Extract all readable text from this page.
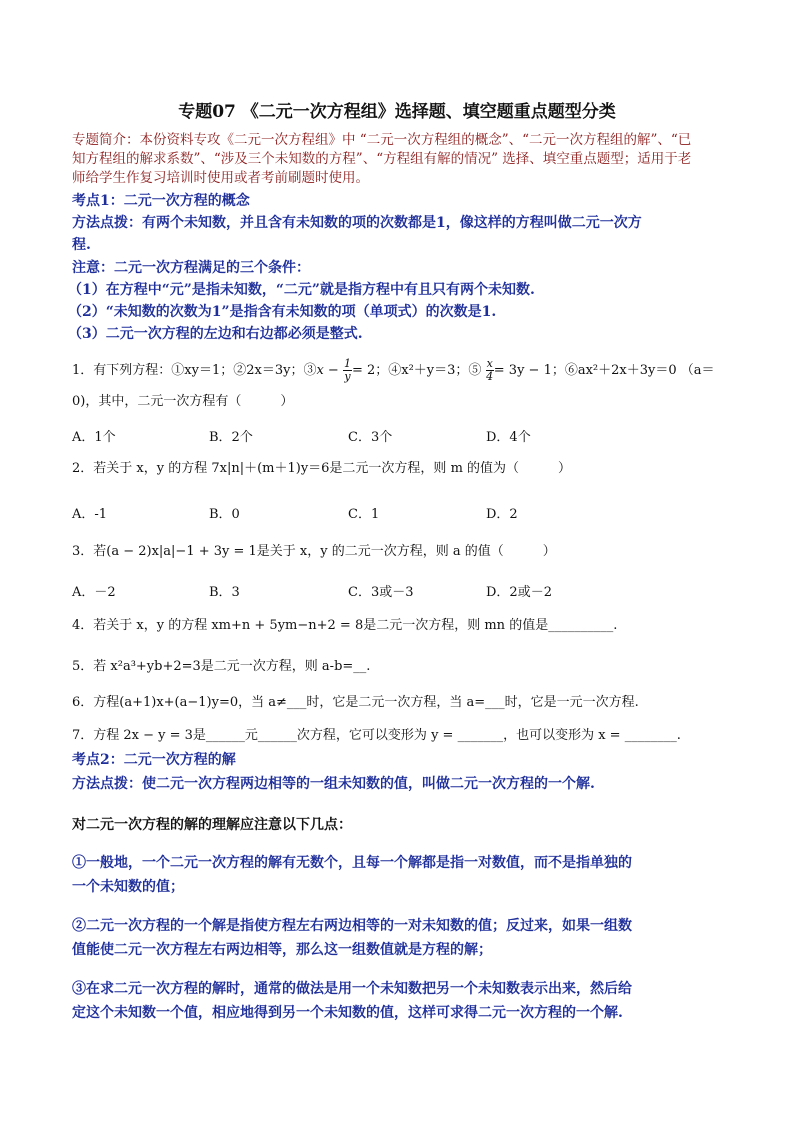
专题07 《二元一次方程组》选择题、填空题重点题型分类
专题简介：本份资料专攻《二元一次方程组》中 “二元一次方程组的概念”、“二元一次方程组的解”、“已
知方程组的解求系数”、“涉及三个未知数的方程”、“方程组有解的情况” 选择、填空重点题型；适用于老
师给学生作复习培训时使用或者考前刷题时使用。
考点1：二元一次方程的概念
方法点拨：有两个未知数，并且含有未知数的项的次数都是1，像这样的方程叫做二元一次方
程.
注意：二元一次方程满足的三个条件：
（1）在方程中“元”是指未知数，“二元”就是指方程中有且只有两个未知数.
（2）“未知数的次数为1”是指含有未知数的项（单项式）的次数是1.
（3）二元一次方程的左边和右边都必须是整式.
1．有下列方程：①xy＝1；②2x＝3y；③x − $\frac{1}{y} = 2$；④x²＋y＝3；⑤ $\frac{x}{4} = 3y - 1$；⑥ax²＋2x＋3y＝0 （a＝
0)，其中，二元一次方程有（　　　）
A．1个	B．2个	C．3个	D．4个
2．若关于 x，y 的方程 7x|n|＋(m＋1)y＝6是二元一次方程，则 m 的值为（　　　）
A．-1	B．0	C．1	D．2
3．若(a − 2)x|a|−1 + 3y = 1是关于 x，y 的二元一次方程，则 a 的值（　　　）
A．－2	B．3	C．3或－3	D．2或－2
4．若关于 x，y 的方程 xm+n + 5ym−n+2 = 8是二元一次方程，则 mn 的值是__________.
5．若 x²a³+yb+2=3是二元一次方程，则 a-b=__.
6．方程(a+1)x+(a−1)y=0，当 a≠___时，它是二元一次方程，当 a=___时，它是一元一次方程.
7．方程 2x − y = 3是______元______次方程，它可以变形为 y = _______，也可以变形为 x = ________.
考点2：二元一次方程的解
方法点拨：使二元一次方程两边相等的一组未知数的值，叫做二元一次方程的一个解.
对二元一次方程的解的理解应注意以下几点：
①一般地，一个二元一次方程的解有无数个，且每一个解都是指一对数值，而不是指单独的
一个未知数的值；
②二元一次方程的一个解是指使方程左右两边相等的一对未知数的值；反过来，如果一组数
值能使二元一次方程左右两边相等，那么这一组数值就是方程的解；
③在求二元一次方程的解时，通常的做法是用一个未知数把另一个未知数表示出来，然后给
定这个未知数一个值，相应地得到另一个未知数的值，这样可求得二元一次方程的一个解.
